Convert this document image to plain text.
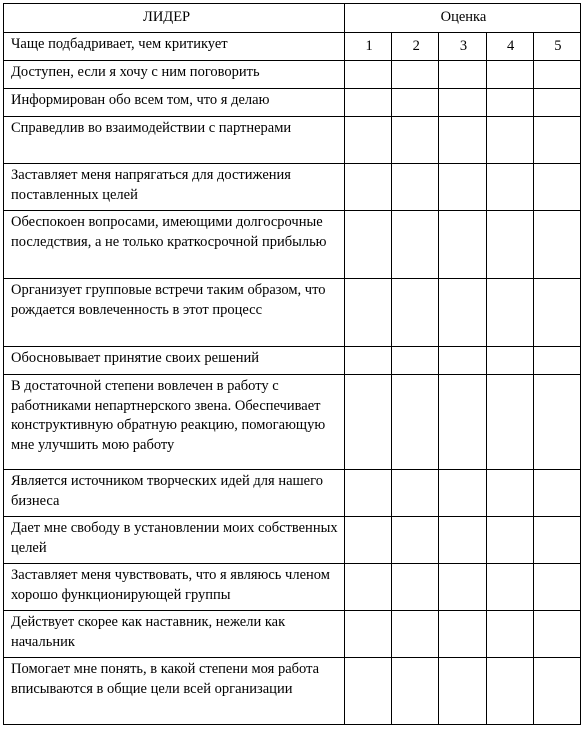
ЛИДЕР	Оценка				
Чаще подбадривает, чем критикует	1	2	3	4	5
Доступен, если я хочу с ним поговорить					
Информирован обо всем том, что я делаю					
Справедлив во взаимодействии с партнерами					
Заставляет меня напрягаться для достижения поставленных целей					
Обеспокоен вопросами, имеющими долгосрочные последствия, а не только краткосрочной прибылью					
Организует групповые встречи таким образом, что рождается вовлеченность в этот процесс					
Обосновывает принятие своих решений					
В достаточной степени вовлечен в работу с работниками непартнерского звена. Обеспечивает конструктивную обратную реакцию, помогающую мне улучшить мою работу					
Является источником творческих идей для нашего бизнеса					
Дает мне свободу в установлении моих собственных целей					
Заставляет меня чувствовать, что я являюсь членом хорошо функционирующей группы					
Действует скорее как наставник, нежели как начальник					
Помогает мне понять, в какой степени моя работа вписываются в общие цели всей организации					
